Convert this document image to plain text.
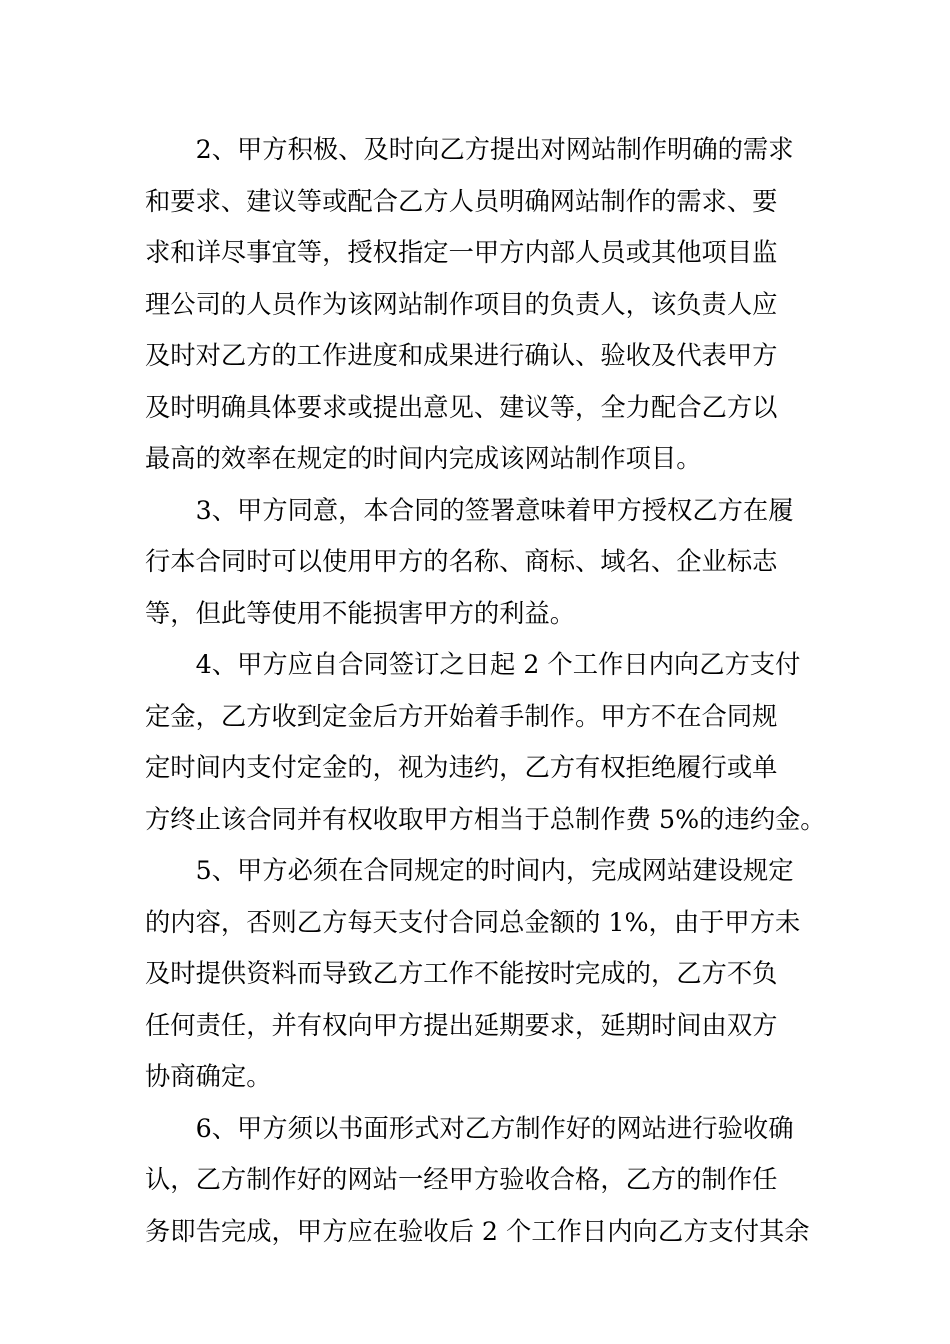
　　2、甲方积极、及时向乙方提出对网站制作明确的需求
和要求、建议等或配合乙方人员明确网站制作的需求、要
求和详尽事宜等，授权指定一甲方内部人员或其他项目监
理公司的人员作为该网站制作项目的负责人，该负责人应
及时对乙方的工作进度和成果进行确认、验收及代表甲方
及时明确具体要求或提出意见、建议等，全力配合乙方以
最高的效率在规定的时间内完成该网站制作项目。
　　3、甲方同意，本合同的签署意味着甲方授权乙方在履
行本合同时可以使用甲方的名称、商标、域名、企业标志
等，但此等使用不能损害甲方的利益。
　　4、甲方应自合同签订之日起 2 个工作日内向乙方支付
定金，乙方收到定金后方开始着手制作。甲方不在合同规
定时间内支付定金的，视为违约，乙方有权拒绝履行或单
方终止该合同并有权收取甲方相当于总制作费 5%的违约金。
　　5、甲方必须在合同规定的时间内，完成网站建设规定
的内容，否则乙方每天支付合同总金额的 1%，由于甲方未
及时提供资料而导致乙方工作不能按时完成的，乙方不负
任何责任，并有权向甲方提出延期要求，延期时间由双方
协商确定。
　　6、甲方须以书面形式对乙方制作好的网站进行验收确
认，乙方制作好的网站一经甲方验收合格，乙方的制作任
务即告完成，甲方应在验收后 2 个工作日内向乙方支付其余
